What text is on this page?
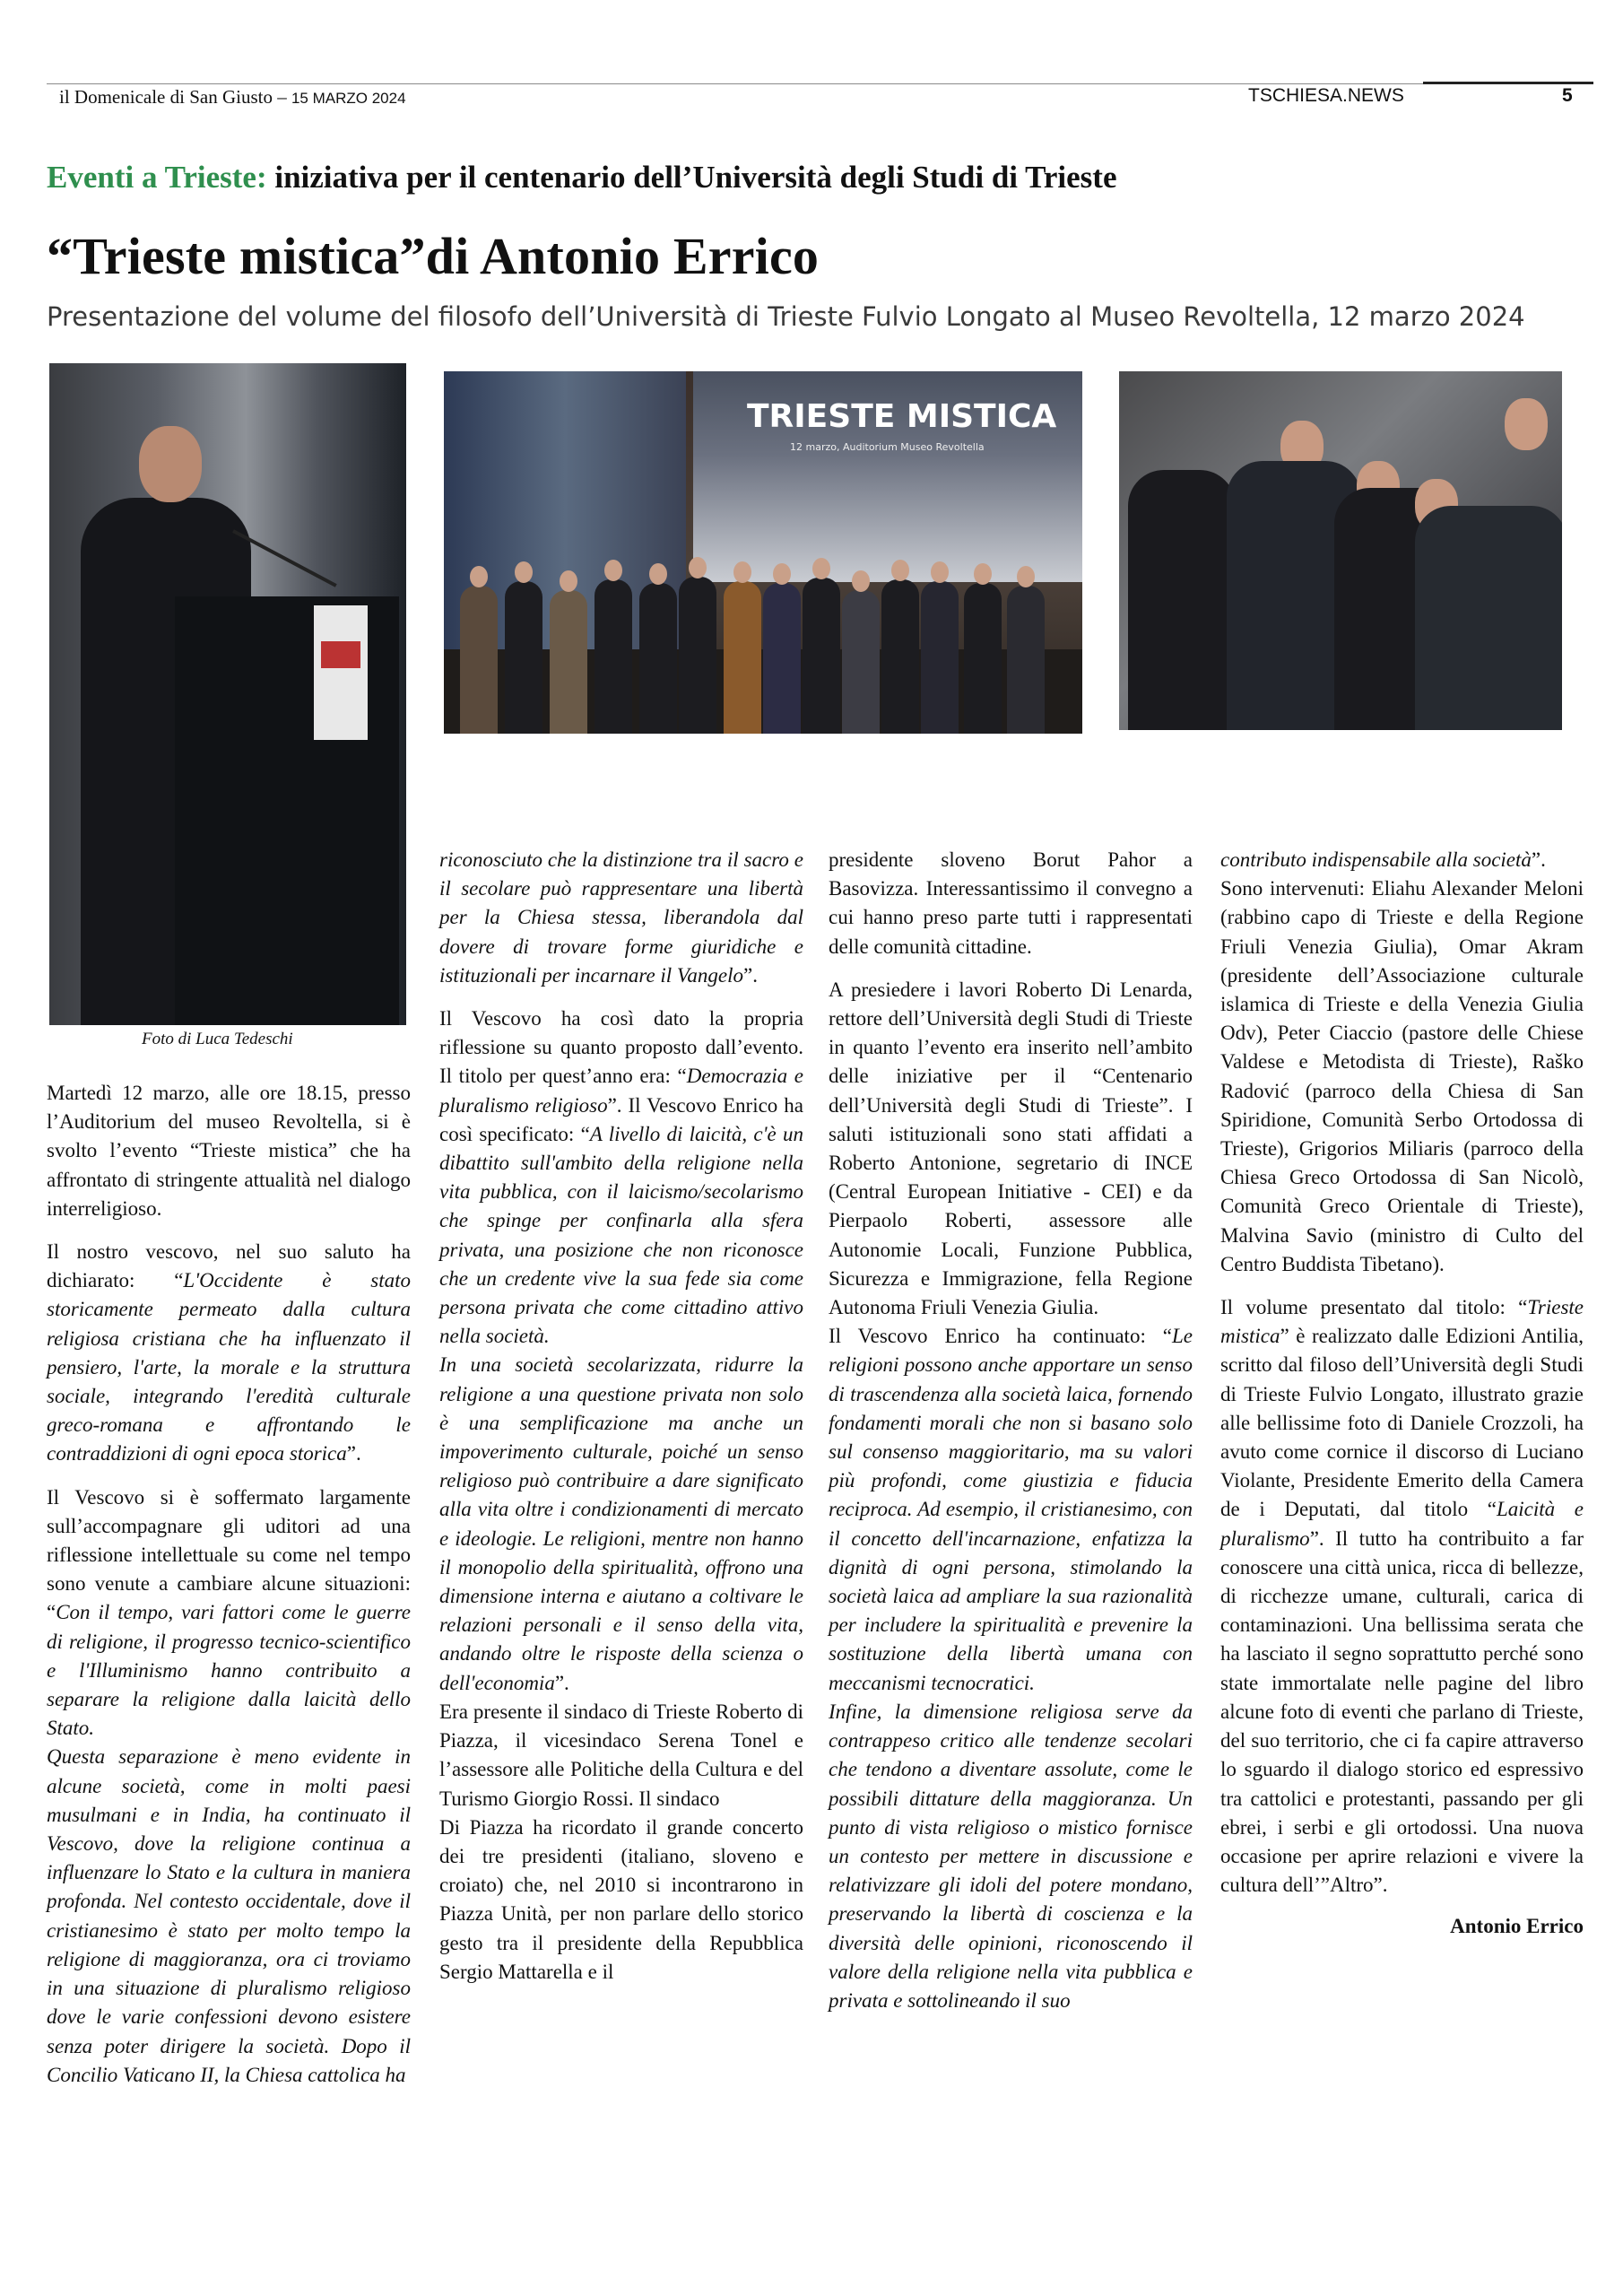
il Domenicale di San Giusto – 15 MARZO 2024	TSCHIESA.NEWS	5
Eventi a Trieste: iniziativa per il centenario dell’Università degli Studi di Trieste
“Trieste mistica”di Antonio Errico
Presentazione del volume del filosofo dell’Università di Trieste Fulvio Longato al Museo Revoltella, 12 marzo 2024
TRIESTE MISTICA
12 marzo, Auditorium Museo Revoltella
Foto di Luca Tedeschi

Martedì 12 marzo, alle ore 18.15, presso l’Auditorium del museo Revoltella, si è svolto l’evento “Trieste mistica” che ha affrontato di stringente attualità nel dialogo interreligioso.

Il nostro vescovo, nel suo saluto ha dichiarato: “L'Occidente è stato storicamente permeato dalla cultura religiosa cristiana che ha influenzato il pensiero, l'arte, la morale e la struttura sociale, integrando l'eredità culturale greco-romana e affrontando le contraddizioni di ogni epoca storica”.

Il Vescovo si è soffermato largamente sull’accompagnare gli uditori ad una riflessione intellettuale su come nel tempo sono venute a cambiare alcune situazioni: “Con il tempo, vari fattori come le guerre di religione, il progresso tecnico-scientifico e l'Illuminismo hanno contribuito a separare la religione dalla laicità dello Stato.

Questa separazione è meno evidente in alcune società, come in molti paesi musulmani e in India, ha continuato il Vescovo, dove la religione continua a influenzare lo Stato e la cultura in maniera profonda. Nel contesto occidentale, dove il cristianesimo è stato per molto tempo la religione di maggioranza, ora ci troviamo in una situazione di pluralismo religioso dove le varie confessioni devono esistere senza poter dirigere la società. Dopo il Concilio Vaticano II, la Chiesa cattolica ha

riconosciuto che la distinzione tra il sacro e il secolare può rappresentare una libertà per la Chiesa stessa, liberandola dal dovere di trovare forme giuridiche e istituzionali per incarnare il Vangelo”.

Il Vescovo ha così dato la propria riflessione su quanto proposto dall’evento. Il titolo per quest’anno era: “Democrazia e pluralismo religioso”. Il Vescovo Enrico ha così specificato: “A livello di laicità, c'è un dibattito sull'ambito della religione nella vita pubblica, con il laicismo/secolarismo che spinge per confinarla alla sfera privata, una posizione che non riconosce che un credente vive la sua fede sia come persona privata che come cittadino attivo nella società.

In una società secolarizzata, ridurre la religione a una questione privata non solo è una semplificazione ma anche un impoverimento culturale, poiché un senso religioso può contribuire a dare significato alla vita oltre i condizionamenti di mercato e ideologie. Le religioni, mentre non hanno il monopolio della spiritualità, offrono una dimensione interna e aiutano a coltivare le relazioni personali e il senso della vita, andando oltre le risposte della scienza o dell'economia”.

Era presente il sindaco di Trieste Roberto di Piazza, il vicesindaco Serena Tonel e l’assessore alle Politiche della Cultura e del Turismo Giorgio Rossi. Il sindaco

Di Piazza ha ricordato il grande concerto dei tre presidenti (italiano, sloveno e croiato) che, nel 2010 si incontrarono in Piazza Unità, per non parlare dello storico gesto tra il presidente della Repubblica Sergio Mattarella e il

presidente sloveno Borut Pahor a Basovizza. Interessantissimo il convegno a cui hanno preso parte tutti i rappresentati delle comunità cittadine.

A presiedere i lavori Roberto Di Lenarda, rettore dell’Università degli Studi di Trieste in quanto l’evento era inserito nell’ambito delle iniziative per il “Centenario dell’Università degli Studi di Trieste”. I saluti istituzionali sono stati affidati a Roberto Antonione, segretario di INCE (Central European Initiative - CEI) e da Pierpaolo Roberti, assessore alle Autonomie Locali, Funzione Pubblica, Sicurezza e Immigrazione, fella Regione Autonoma Friuli Venezia Giulia.

Il Vescovo Enrico ha continuato: “Le religioni possono anche apportare un senso di trascendenza alla società laica, fornendo fondamenti morali che non si basano solo sul consenso maggioritario, ma su valori più profondi, come giustizia e fiducia reciproca. Ad esempio, il cristianesimo, con il concetto dell'incarnazione, enfatizza la dignità di ogni persona, stimolando la società laica ad ampliare la sua razionalità per includere la spiritualità e prevenire la sostituzione della libertà umana con meccanismi tecnocratici.

Infine, la dimensione religiosa serve da contrappeso critico alle tendenze secolari che tendono a diventare assolute, come le possibili dittature della maggioranza. Un punto di vista religioso o mistico fornisce un contesto per mettere in discussione e relativizzare gli idoli del potere mondano, preservando la libertà di coscienza e la diversità delle opinioni, riconoscendo il valore della religione nella vita pubblica e privata e sottolineando il suo

contributo indispensabile alla società”.

Sono intervenuti: Eliahu Alexander Meloni (rabbino capo di Trieste e della Regione Friuli Venezia Giulia), Omar Akram (presidente dell’Associazione culturale islamica di Trieste e della Venezia Giulia Odv), Peter Ciaccio (pastore delle Chiese Valdese e Metodista di Trieste), Raško Radović (parroco della Chiesa di San Spiridione, Comunità Serbo Ortodossa di Trieste), Grigorios Miliaris (parroco della Chiesa Greco Ortodossa di San Nicolò, Comunità Greco Orientale di Trieste), Malvina Savio (ministro di Culto del Centro Buddista Tibetano).

Il volume presentato dal titolo: “Trieste mistica” è realizzato dalle Edizioni Antilia, scritto dal filoso dell’Università degli Studi di Trieste Fulvio Longato, illustrato grazie alle bellissime foto di Daniele Crozzoli, ha avuto come cornice il discorso di Luciano Violante, Presidente Emerito della Camera de i Deputati, dal titolo “Laicità e pluralismo”. Il tutto ha contribuito a far conoscere una città unica, ricca di bellezze, di ricchezze umane, culturali, carica di contaminazioni. Una bellissima serata che ha lasciato il segno soprattutto perché sono state immortalate nelle pagine del libro alcune foto di eventi che parlano di Trieste, del suo territorio, che ci fa capire attraverso lo sguardo il dialogo storico ed espressivo tra cattolici e protestanti, passando per gli ebrei, i serbi e gli ortodossi. Una nuova occasione per aprire relazioni e vivere la cultura dell’”Altro”.

Antonio Errico
